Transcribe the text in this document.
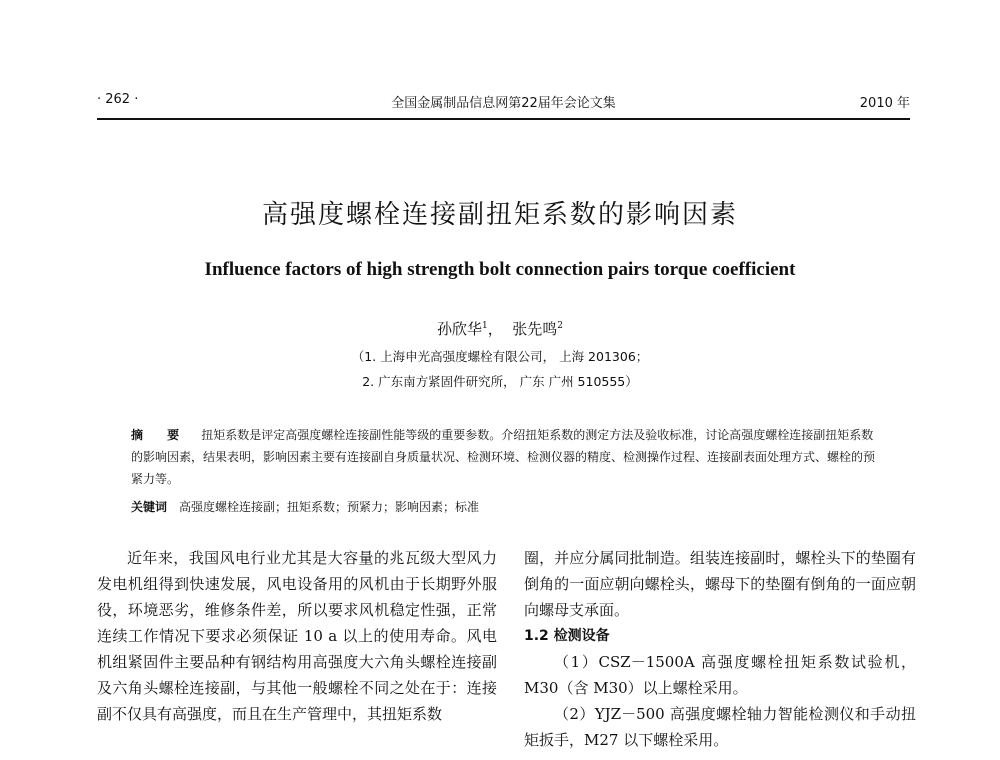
· 262 ·	全国金属制品信息网第22届年会论文集	2010 年
高强度螺栓连接副扭矩系数的影响因素
Influence factors of high strength bolt connection pairs torque coefficient
孙欣华$^1$， 张先鸣$^2$
（1. 上海申光高强度螺栓有限公司， 上海 201306；
2. 广东南方紧固件研究所， 广东 广州 510555）
摘 要 扭矩系数是评定高强度螺栓连接副性能等级的重要参数。介绍扭矩系数的测定方法及验收标准，讨论高强度螺栓连接副扭矩系数的影响因素，结果表明，影响因素主要有连接副自身质量状况、检测环境、检测仪器的精度、检测操作过程、连接副表面处理方式、螺栓的预紧力等。
关键词 高强度螺栓连接副；扭矩系数；预紧力；影响因素；标准

近年来，我国风电行业尤其是大容量的兆瓦级大型风力发电机组得到快速发展，风电设备用的风机由于长期野外服役，环境恶劣，维修条件差，所以要求风机稳定性强，正常连续工作情况下要求必须保证 10 a 以上的使用寿命。风电机组紧固件主要品种有钢结构用高强度大六角头螺栓连接副及六角头螺栓连接副，与其他一般螺栓不同之处在于：连接副不仅具有高强度，而且在生产管理中，其扭矩系数

圈，并应分属同批制造。组装连接副时，螺栓头下的垫圈有倒角的一面应朝向螺栓头，螺母下的垫圈有倒角的一面应朝向螺母支承面。

1.2 检测设备

（1）CSZ－1500A 高强度螺栓扭矩系数试验机，M30（含 M30）以上螺栓采用。

（2）YJZ－500 高强度螺栓轴力智能检测仪和手动扭矩扳手，M27 以下螺栓采用。
